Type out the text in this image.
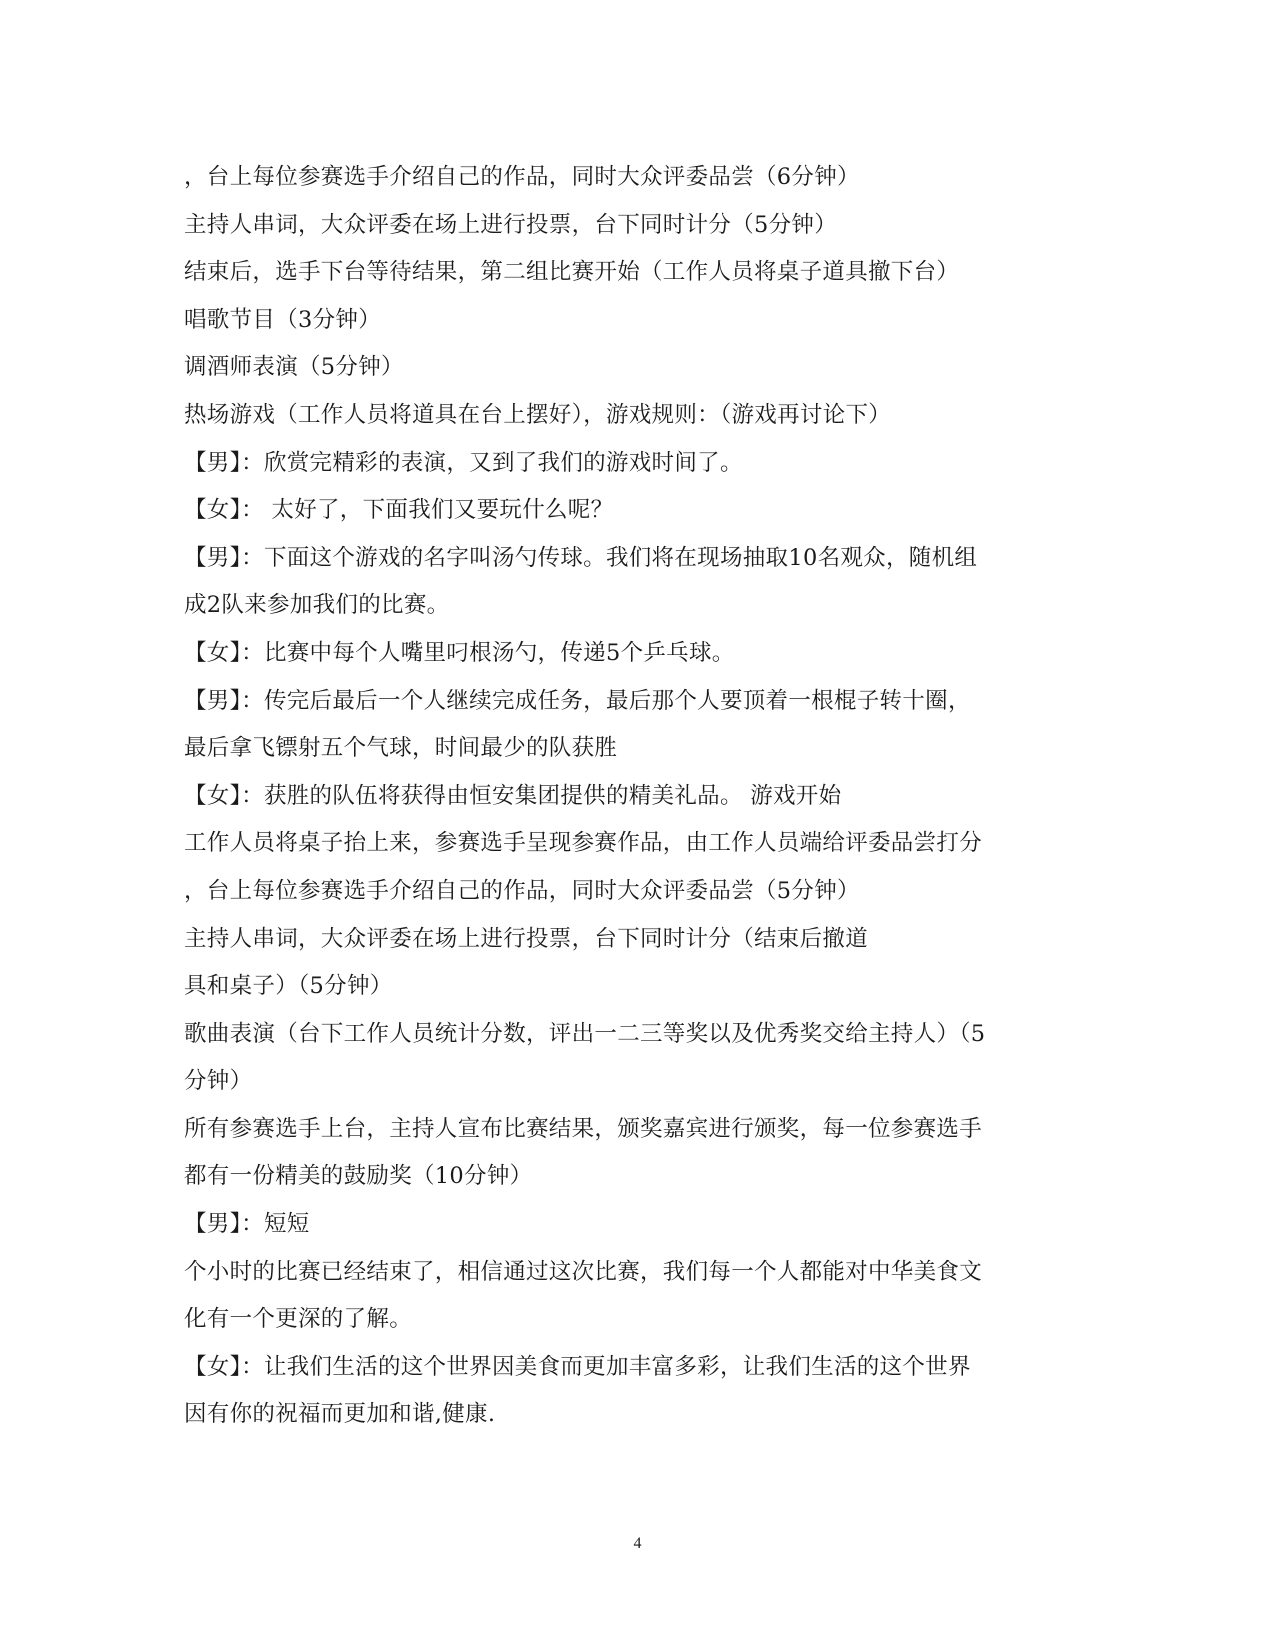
，台上每位参赛选手介绍自己的作品，同时大众评委品尝（6分钟）
主持人串词，大众评委在场上进行投票，台下同时计分（5分钟）
结束后，选手下台等待结果，第二组比赛开始（工作人员将桌子道具撤下台）
唱歌节目（3分钟）
调酒师表演（5分钟）
热场游戏（工作人员将道具在台上摆好），游戏规则：（游戏再讨论下）
【男】：欣赏完精彩的表演，又到了我们的游戏时间了。
【女】： 太好了，下面我们又要玩什么呢？
【男】：下面这个游戏的名字叫汤勺传球。我们将在现场抽取10名观众，随机组
成2队来参加我们的比赛。
【女】：比赛中每个人嘴里叼根汤勺，传递5个乒乓球。
【男】：传完后最后一个人继续完成任务，最后那个人要顶着一根棍子转十圈，
最后拿飞镖射五个气球，时间最少的队获胜
【女】：获胜的队伍将获得由恒安集团提供的精美礼品。 游戏开始
工作人员将桌子抬上来，参赛选手呈现参赛作品，由工作人员端给评委品尝打分
，台上每位参赛选手介绍自己的作品，同时大众评委品尝（5分钟）
主持人串词，大众评委在场上进行投票，台下同时计分（结束后撤道
具和桌子）（5分钟）
歌曲表演（台下工作人员统计分数，评出一二三等奖以及优秀奖交给主持人）（5
分钟）
所有参赛选手上台，主持人宣布比赛结果，颁奖嘉宾进行颁奖，每一位参赛选手
都有一份精美的鼓励奖（10分钟）
【男】：短短
个小时的比赛已经结束了，相信通过这次比赛，我们每一个人都能对中华美食文
化有一个更深的了解。
【女】：让我们生活的这个世界因美食而更加丰富多彩，让我们生活的这个世界
因有你的祝福而更加和谐,健康.
4
